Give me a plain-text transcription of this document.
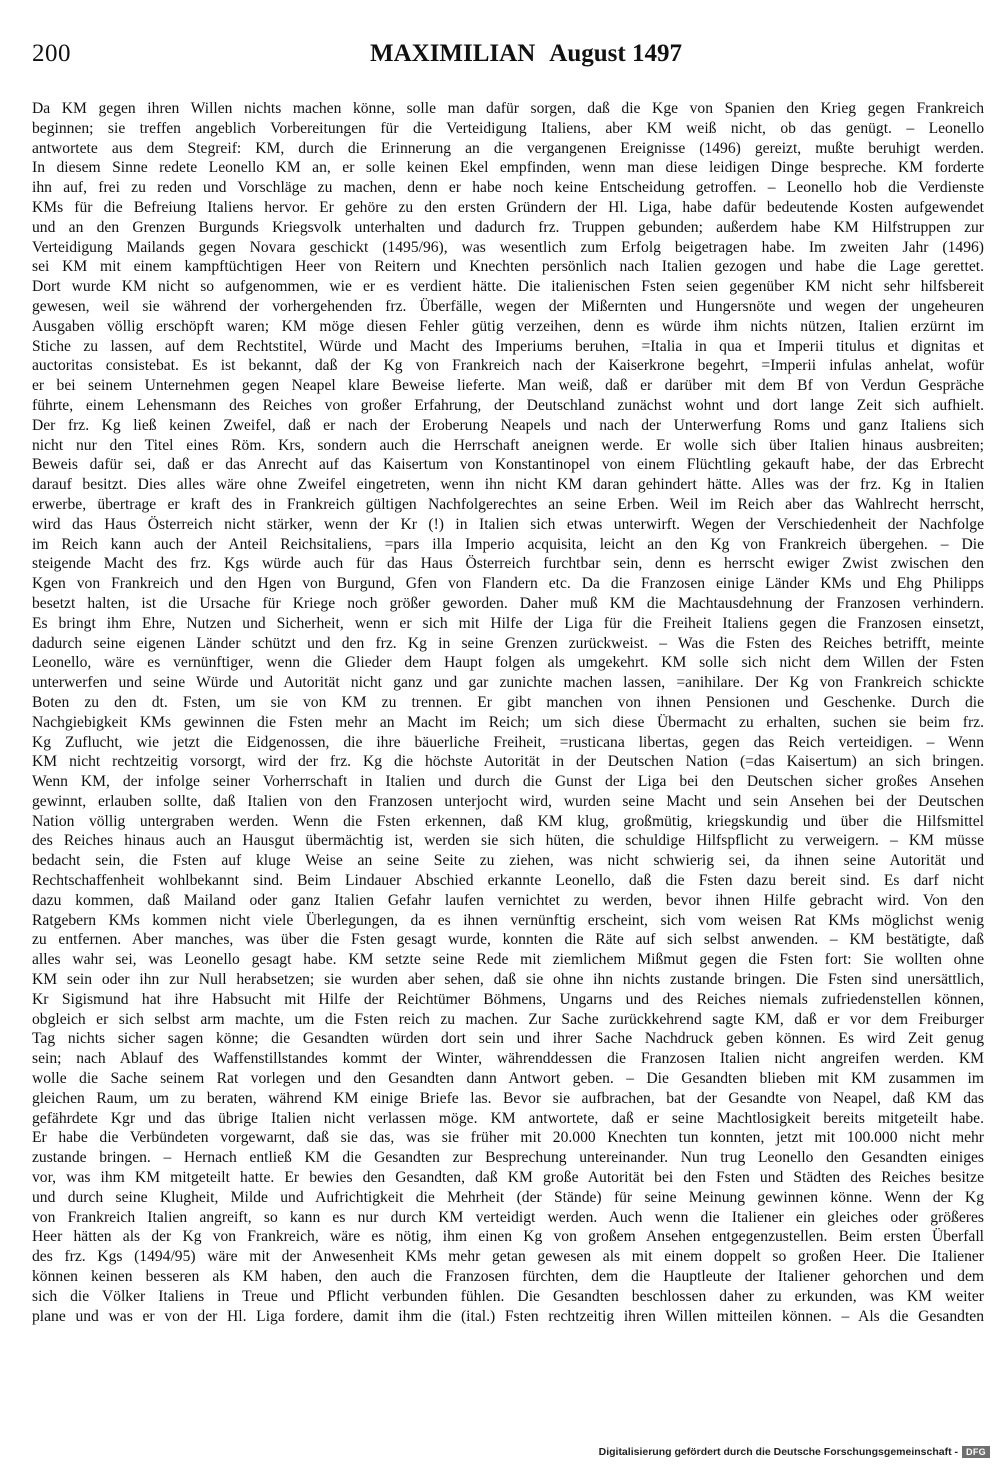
200	MAXIMILIAN August 1497
Da KM gegen ihren Willen nichts machen könne, solle man dafür sorgen, daß die Kge von Spanien den Krieg gegen Frankreich
beginnen; sie treffen angeblich Vorbereitungen für die Verteidigung Italiens, aber KM weiß nicht, ob das genügt. – Leonello
antwortete aus dem Stegreif: KM, durch die Erinnerung an die vergangenen Ereignisse (1496) gereizt, mußte beruhigt werden.
In diesem Sinne redete Leonello KM an, er solle keinen Ekel empfinden, wenn man diese leidigen Dinge bespreche. KM forderte
ihn auf, frei zu reden und Vorschläge zu machen, denn er habe noch keine Entscheidung getroffen. – Leonello hob die Verdienste
KMs für die Befreiung Italiens hervor. Er gehöre zu den ersten Gründern der Hl. Liga, habe dafür bedeutende Kosten aufgewendet
und an den Grenzen Burgunds Kriegsvolk unterhalten und dadurch frz. Truppen gebunden; außerdem habe KM Hilfstruppen zur
Verteidigung Mailands gegen Novara geschickt (1495/96), was wesentlich zum Erfolg beigetragen habe. Im zweiten Jahr (1496)
sei KM mit einem kampftüchtigen Heer von Reitern und Knechten persönlich nach Italien gezogen und habe die Lage gerettet.
Dort wurde KM nicht so aufgenommen, wie er es verdient hätte. Die italienischen Fsten seien gegenüber KM nicht sehr hilfsbereit
gewesen, weil sie während der vorhergehenden frz. Überfälle, wegen der Mißernten und Hungersnöte und wegen der ungeheuren
Ausgaben völlig erschöpft waren; KM möge diesen Fehler gütig verzeihen, denn es würde ihm nichts nützen, Italien erzürnt im
Stiche zu lassen, auf dem Rechtstitel, Würde und Macht des Imperiums beruhen, =Italia in qua et Imperii titulus et dignitas et
auctoritas consistebat. Es ist bekannt, daß der Kg von Frankreich nach der Kaiserkrone begehrt, =Imperii infulas anhelat, wofür
er bei seinem Unternehmen gegen Neapel klare Beweise lieferte. Man weiß, daß er darüber mit dem Bf von Verdun Gespräche
führte, einem Lehensmann des Reiches von großer Erfahrung, der Deutschland zunächst wohnt und dort lange Zeit sich aufhielt.
Der frz. Kg ließ keinen Zweifel, daß er nach der Eroberung Neapels und nach der Unterwerfung Roms und ganz Italiens sich
nicht nur den Titel eines Röm. Krs, sondern auch die Herrschaft aneignen werde. Er wolle sich über Italien hinaus ausbreiten;
Beweis dafür sei, daß er das Anrecht auf das Kaisertum von Konstantinopel von einem Flüchtling gekauft habe, der das Erbrecht
darauf besitzt. Dies alles wäre ohne Zweifel eingetreten, wenn ihn nicht KM daran gehindert hätte. Alles was der frz. Kg in Italien
erwerbe, übertrage er kraft des in Frankreich gültigen Nachfolgerechtes an seine Erben. Weil im Reich aber das Wahlrecht herrscht,
wird das Haus Österreich nicht stärker, wenn der Kr (!) in Italien sich etwas unterwirft. Wegen der Verschiedenheit der Nachfolge
im Reich kann auch der Anteil Reichsitaliens, =pars illa Imperio acquisita, leicht an den Kg von Frankreich übergehen. – Die
steigende Macht des frz. Kgs würde auch für das Haus Österreich furchtbar sein, denn es herrscht ewiger Zwist zwischen den
Kgen von Frankreich und den Hgen von Burgund, Gfen von Flandern etc. Da die Franzosen einige Länder KMs und Ehg Philipps
besetzt halten, ist die Ursache für Kriege noch größer geworden. Daher muß KM die Machtausdehnung der Franzosen verhindern.
Es bringt ihm Ehre, Nutzen und Sicherheit, wenn er sich mit Hilfe der Liga für die Freiheit Italiens gegen die Franzosen einsetzt,
dadurch seine eigenen Länder schützt und den frz. Kg in seine Grenzen zurückweist. – Was die Fsten des Reiches betrifft, meinte
Leonello, wäre es vernünftiger, wenn die Glieder dem Haupt folgen als umgekehrt. KM solle sich nicht dem Willen der Fsten
unterwerfen und seine Würde und Autorität nicht ganz und gar zunichte machen lassen, =anihilare. Der Kg von Frankreich schickte
Boten zu den dt. Fsten, um sie von KM zu trennen. Er gibt manchen von ihnen Pensionen und Geschenke. Durch die
Nachgiebigkeit KMs gewinnen die Fsten mehr an Macht im Reich; um sich diese Übermacht zu erhalten, suchen sie beim frz.
Kg Zuflucht, wie jetzt die Eidgenossen, die ihre bäuerliche Freiheit, =rusticana libertas, gegen das Reich verteidigen. – Wenn
KM nicht rechtzeitig vorsorgt, wird der frz. Kg die höchste Autorität in der Deutschen Nation (=das Kaisertum) an sich bringen.
Wenn KM, der infolge seiner Vorherrschaft in Italien und durch die Gunst der Liga bei den Deutschen sicher großes Ansehen
gewinnt, erlauben sollte, daß Italien von den Franzosen unterjocht wird, wurden seine Macht und sein Ansehen bei der Deutschen
Nation völlig untergraben werden. Wenn die Fsten erkennen, daß KM klug, großmütig, kriegskundig und über die Hilfsmittel
des Reiches hinaus auch an Hausgut übermächtig ist, werden sie sich hüten, die schuldige Hilfspflicht zu verweigern. – KM müsse
bedacht sein, die Fsten auf kluge Weise an seine Seite zu ziehen, was nicht schwierig sei, da ihnen seine Autorität und
Rechtschaffenheit wohlbekannt sind. Beim Lindauer Abschied erkannte Leonello, daß die Fsten dazu bereit sind. Es darf nicht
dazu kommen, daß Mailand oder ganz Italien Gefahr laufen vernichtet zu werden, bevor ihnen Hilfe gebracht wird. Von den
Ratgebern KMs kommen nicht viele Überlegungen, da es ihnen vernünftig erscheint, sich vom weisen Rat KMs möglichst wenig
zu entfernen. Aber manches, was über die Fsten gesagt wurde, konnten die Räte auf sich selbst anwenden. – KM bestätigte, daß
alles wahr sei, was Leonello gesagt habe. KM setzte seine Rede mit ziemlichem Mißmut gegen die Fsten fort: Sie wollten ohne
KM sein oder ihn zur Null herabsetzen; sie wurden aber sehen, daß sie ohne ihn nichts zustande bringen. Die Fsten sind unersättlich,
Kr Sigismund hat ihre Habsucht mit Hilfe der Reichtümer Böhmens, Ungarns und des Reiches niemals zufriedenstellen können,
obgleich er sich selbst arm machte, um die Fsten reich zu machen. Zur Sache zurückkehrend sagte KM, daß er vor dem Freiburger
Tag nichts sicher sagen könne; die Gesandten würden dort sein und ihrer Sache Nachdruck geben können. Es wird Zeit genug
sein; nach Ablauf des Waffenstillstandes kommt der Winter, währenddessen die Franzosen Italien nicht angreifen werden. KM
wolle die Sache seinem Rat vorlegen und den Gesandten dann Antwort geben. – Die Gesandten blieben mit KM zusammen im
gleichen Raum, um zu beraten, während KM einige Briefe las. Bevor sie aufbrachen, bat der Gesandte von Neapel, daß KM das
gefährdete Kgr und das übrige Italien nicht verlassen möge. KM antwortete, daß er seine Machtlosigkeit bereits mitgeteilt habe.
Er habe die Verbündeten vorgewarnt, daß sie das, was sie früher mit 20.000 Knechten tun konnten, jetzt mit 100.000 nicht mehr
zustande bringen. – Hernach entließ KM die Gesandten zur Besprechung untereinander. Nun trug Leonello den Gesandten einiges
vor, was ihm KM mitgeteilt hatte. Er bewies den Gesandten, daß KM große Autorität bei den Fsten und Städten des Reiches besitze
und durch seine Klugheit, Milde und Aufrichtigkeit die Mehrheit (der Stände) für seine Meinung gewinnen könne. Wenn der Kg
von Frankreich Italien angreift, so kann es nur durch KM verteidigt werden. Auch wenn die Italiener ein gleiches oder größeres
Heer hätten als der Kg von Frankreich, wäre es nötig, ihm einen Kg von großem Ansehen entgegenzustellen. Beim ersten Überfall
des frz. Kgs (1494/95) wäre mit der Anwesenheit KMs mehr getan gewesen als mit einem doppelt so großen Heer. Die Italiener
können keinen besseren als KM haben, den auch die Franzosen fürchten, dem die Hauptleute der Italiener gehorchen und dem
sich die Völker Italiens in Treue und Pflicht verbunden fühlen. Die Gesandten beschlossen daher zu erkunden, was KM weiter
plane und was er von der Hl. Liga fordere, damit ihm die (ital.) Fsten rechtzeitig ihren Willen mitteilen können. – Als die Gesandten
Digitalisierung gefördert durch die Deutsche Forschungsgemeinschaft - DFG
